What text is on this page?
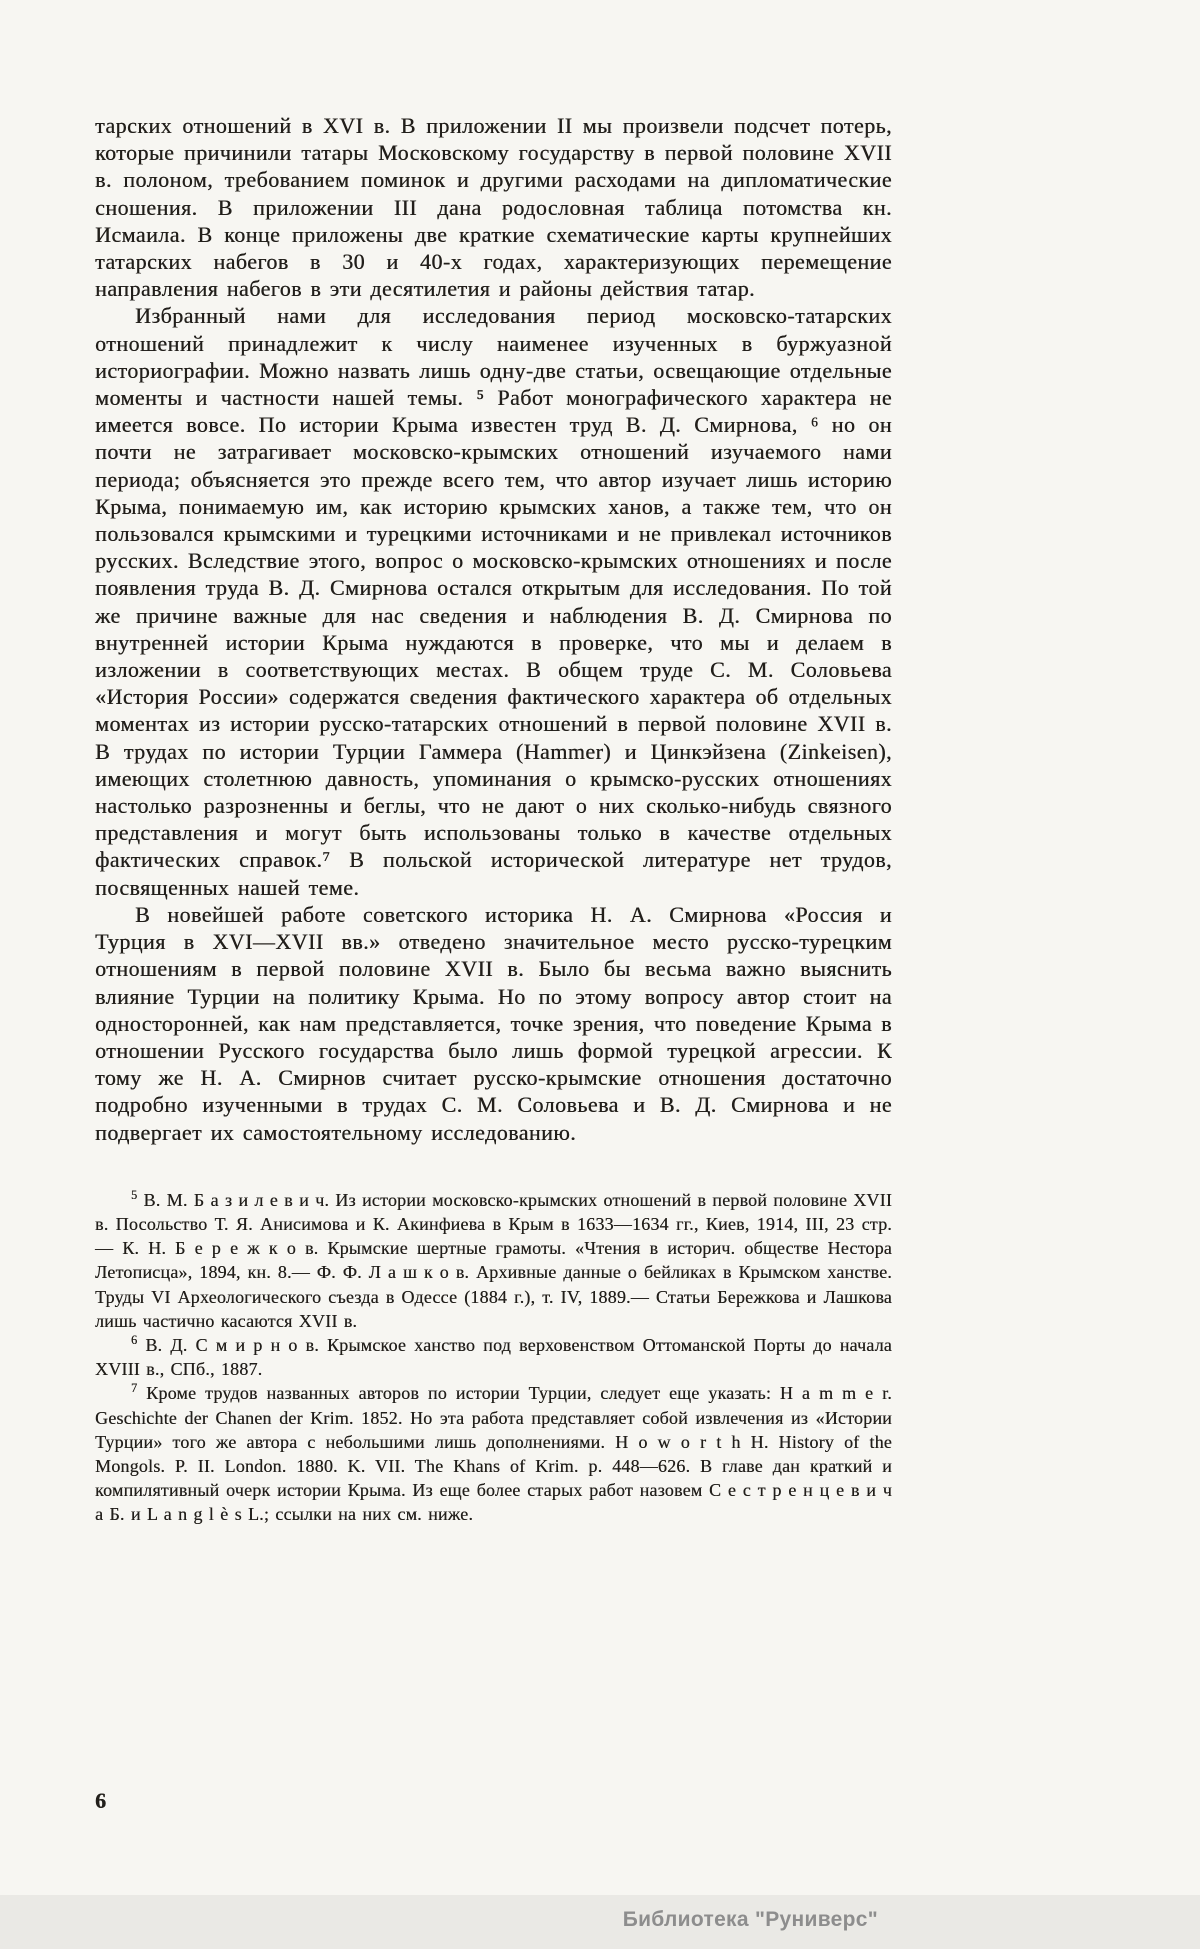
тарских отношений в XVI в. В приложении II мы произвели подсчет потерь, которые причинили татары Московскому государству в первой половине XVII в. полоном, требованием поминок и другими расходами на дипломатические сношения. В приложении III дана родословная таблица потомства кн. Исмаила. В конце приложены две краткие схематические карты крупнейших татарских набегов в 30 и 40-х годах, характеризующих перемещение направления набегов в эти десятилетия и районы действия татар.

Избранный нами для исследования период московско-татарских отношений принадлежит к числу наименее изученных в буржуазной историографии. Можно назвать лишь одну-две статьи, освещающие отдельные моменты и частности нашей темы. ⁵ Работ монографического характера не имеется вовсе. По истории Крыма известен труд В. Д. Смирнова, ⁶ но он почти не затрагивает московско-крымских отношений изучаемого нами периода; объясняется это прежде всего тем, что автор изучает лишь историю Крыма, понимаемую им, как историю крымских ханов, а также тем, что он пользовался крымскими и турецкими источниками и не привлекал источников русских. Вследствие этого, вопрос о московско-крымских отношениях и после появления труда В. Д. Смирнова остался открытым для исследования. По той же причине важные для нас сведения и наблюдения В. Д. Смирнова по внутренней истории Крыма нуждаются в проверке, что мы и делаем в изложении в соответствующих местах. В общем труде С. М. Соловьева «История России» содержатся сведения фактического характера об отдельных моментах из истории русско-татарских отношений в первой половине XVII в. В трудах по истории Турции Гаммера (Hammer) и Цинкэйзена (Zinkeisen), имеющих столетнюю давность, упоминания о крымско-русских отношениях настолько разрозненны и беглы, что не дают о них сколько-нибудь связного представления и могут быть использованы только в качестве отдельных фактических справок.⁷ В польской исторической литературе нет трудов, посвященных нашей теме.

В новейшей работе советского историка Н. А. Смирнова «Россия и Турция в XVI—XVII вв.» отведено значительное место русско-турецким отношениям в первой половине XVII в. Было бы весьма важно выяснить влияние Турции на политику Крыма. Но по этому вопросу автор стоит на односторонней, как нам представляется, точке зрения, что поведение Крыма в отношении Русского государства было лишь формой турецкой агрессии. К тому же Н. А. Смирнов считает русско-крымские отношения достаточно подробно изученными в трудах С. М. Соловьева и В. Д. Смирнова и не подвергает их самостоятельному исследованию.

$^5$ В. М. Б а з и л е в и ч. Из истории московско-крымских отношений в первой половине XVII в. Посольство Т. Я. Анисимова и К. Акинфиева в Крым в 1633—1634 гг., Киев, 1914, III, 23 стр.— К. Н. Б е р е ж к о в. Крымские шертные грамоты. «Чтения в историч. обществе Нестора Летописца», 1894, кн. 8.— Ф. Ф. Л а ш к о в. Архивные данные о бейликах в Крымском ханстве. Труды VI Археологического съезда в Одессе (1884 г.), т. IV, 1889.— Статьи Бережкова и Лашкова лишь частично касаются XVII в.

$^6$ В. Д. С м и р н о в. Крымское ханство под верховенством Оттоманской Порты до начала XVIII в., СПб., 1887.

$^7$ Кроме трудов названных авторов по истории Турции, следует еще указать: H a m m e r. Geschichte der Chanen der Krim. 1852. Но эта работа представляет собой извлечения из «Истории Турции» того же автора с небольшими лишь дополнениями. H o w o r t h H. History of the Mongols. P. II. London. 1880. K. VII. The Khans of Krim. p. 448—626. В главе дан краткий и компилятивный очерк истории Крыма. Из еще более старых работ назовем С е с т р е н ц е в и ч а Б. и L a n g l è s L.; ссылки на них см. ниже.

6
Библиотека "Руниверс"
